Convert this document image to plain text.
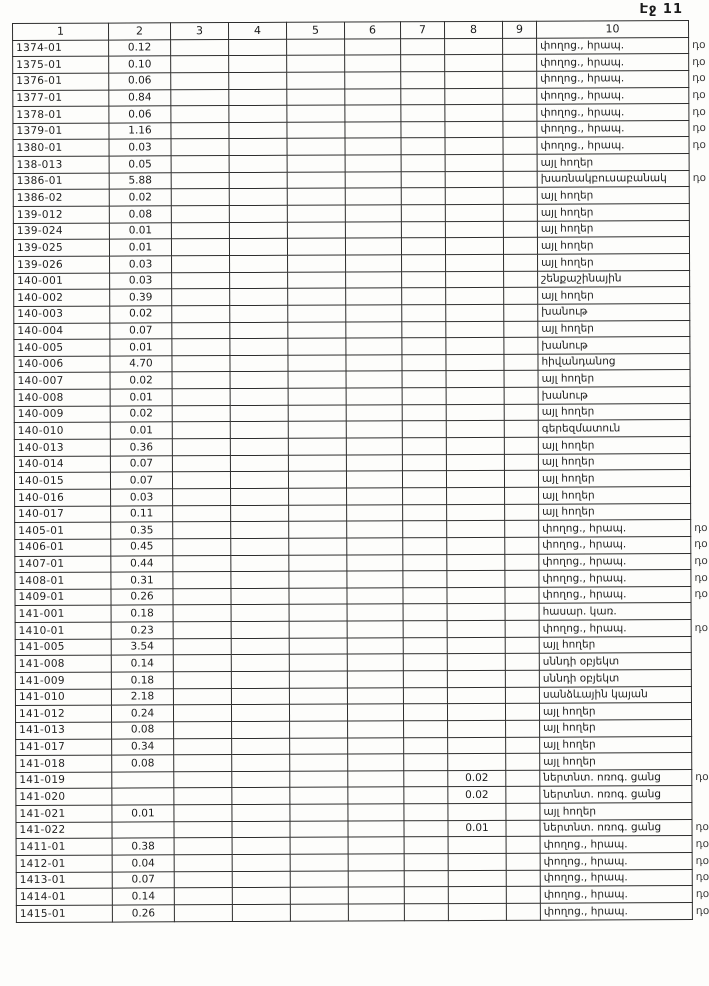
Էջ 11
1	2	3	4	5	6	7	8	9	10	
1374-01	0.12								փողոց., հրապ.	դօ
1375-01	0.10								փողոց., հրապ.	դօ
1376-01	0.06								փողոց., հրապ.	դօ
1377-01	0.84								փողոց., հրապ.	դօ
1378-01	0.06								փողոց., հրապ.	դօ
1379-01	1.16								փողոց., հրապ.	դօ
1380-01	0.03								փողոց., հրապ.	դօ
138-013	0.05								այլ հողեր	
1386-01	5.88								խառնակբուսաբանակ	դօ
1386-02	0.02								այլ հողեր	
139-012	0.08								այլ հողեր	
139-024	0.01								այլ հողեր	
139-025	0.01								այլ հողեր	
139-026	0.03								այլ հողեր	
140-001	0.03								շենքաշինային	
140-002	0.39								այլ հողեր	
140-003	0.02								խանութ	
140-004	0.07								այլ հողեր	
140-005	0.01								խանութ	
140-006	4.70								հիվանդանոց	
140-007	0.02								այլ հողեր	
140-008	0.01								խանութ	
140-009	0.02								այլ հողեր	
140-010	0.01								գերեզմատուն	
140-013	0.36								այլ հողեր	
140-014	0.07								այլ հողեր	
140-015	0.07								այլ հողեր	
140-016	0.03								այլ հողեր	
140-017	0.11								այլ հողեր	
1405-01	0.35								փողոց., հրապ.	դօ
1406-01	0.45								փողոց., հրապ.	դօ
1407-01	0.44								փողոց., հրապ.	դօ
1408-01	0.31								փողոց., հրապ.	դօ
1409-01	0.26								փողոց., հրապ.	դօ
141-001	0.18								հասար. կառ.	
1410-01	0.23								փողոց., հրապ.	դօ
141-005	3.54								այլ հողեր	
141-008	0.14								սննդի օբյեկտ	
141-009	0.18								սննդի օբյեկտ	
141-010	2.18								սանձևային կայան	
141-012	0.24								այլ հողեր	
141-013	0.08								այլ հողեր	
141-017	0.34								այլ հողեր	
141-018	0.08								այլ հողեր	
141-019							0.02		ներտնտ. ոռոգ. ցանց	դօ
141-020							0.02		ներտնտ. ոռոգ. ցանց	
141-021	0.01								այլ հողեր	
141-022							0.01		ներտնտ. ոռոգ. ցանց	դօ
1411-01	0.38								փողոց., հրապ.	դօ
1412-01	0.04								փողոց., հրապ.	դօ
1413-01	0.07								փողոց., հրապ.	դօ
1414-01	0.14								փողոց., հրապ.	դօ
1415-01	0.26								փողոց., հրապ.	դօ
